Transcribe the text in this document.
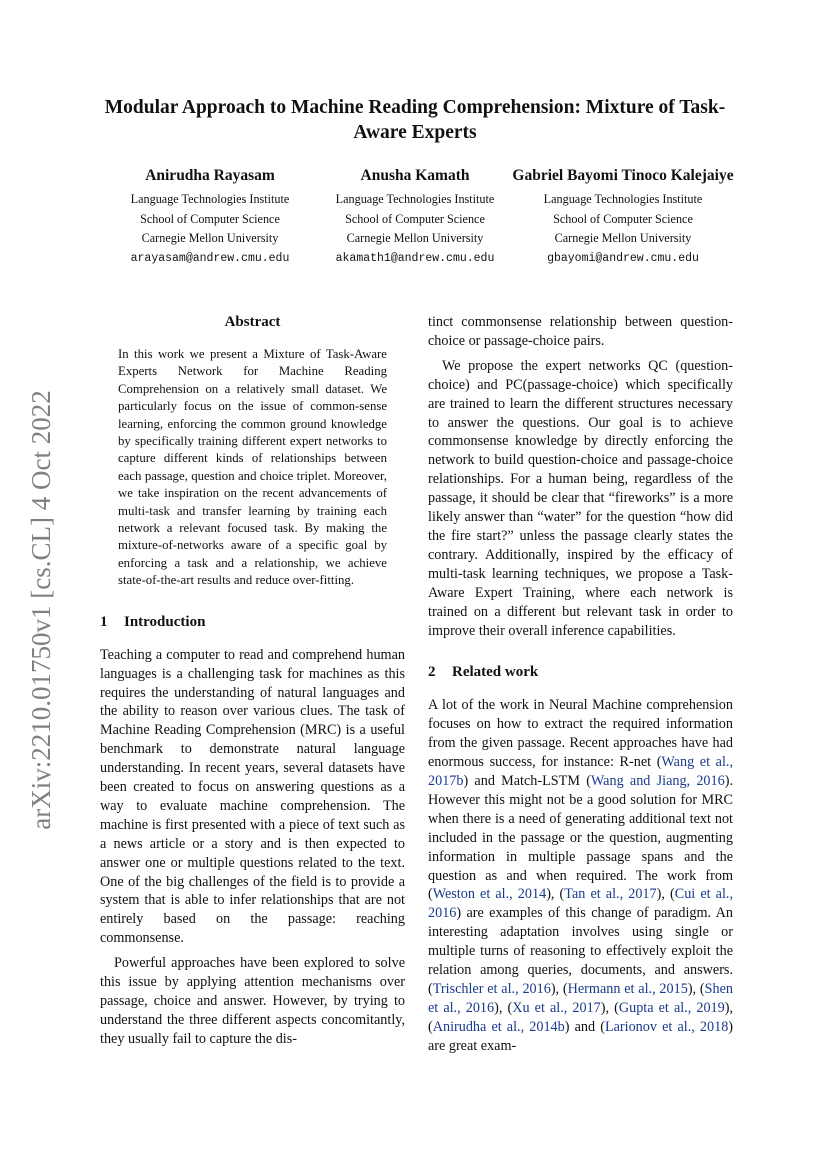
arXiv:2210.01750v1 [cs.CL] 4 Oct 2022
Modular Approach to Machine Reading Comprehension: Mixture of Task-Aware Experts
Anirudha Rayasam
Language Technologies Institute
School of Computer Science
Carnegie Mellon University
arayasam@andrew.cmu.edu
Anusha Kamath
Language Technologies Institute
School of Computer Science
Carnegie Mellon University
akamath1@andrew.cmu.edu
Gabriel Bayomi Tinoco Kalejaiye
Language Technologies Institute
School of Computer Science
Carnegie Mellon University
gbayomi@andrew.cmu.edu
Abstract
In this work we present a Mixture of Task-Aware Experts Network for Machine Reading Comprehension on a relatively small dataset. We particularly focus on the issue of common-sense learning, enforcing the common ground knowledge by specifically training different expert networks to capture different kinds of relationships between each passage, question and choice triplet. Moreover, we take inspiration on the recent advancements of multi-task and transfer learning by training each network a relevant focused task. By making the mixture-of-networks aware of a specific goal by enforcing a task and a relationship, we achieve state-of-the-art results and reduce over-fitting.
1 Introduction

Teaching a computer to read and comprehend human languages is a challenging task for machines as this requires the understanding of natural languages and the ability to reason over various clues. The task of Machine Reading Comprehension (MRC) is a useful benchmark to demonstrate natural language understanding. In recent years, several datasets have been created to focus on answering questions as a way to evaluate machine comprehension. The machine is first presented with a piece of text such as a news article or a story and is then expected to answer one or multiple questions related to the text. One of the big challenges of the field is to provide a system that is able to infer relationships that are not entirely based on the passage: reaching commonsense.

Powerful approaches have been explored to solve this issue by applying attention mechanisms over passage, choice and answer. However, by trying to understand the three different aspects concomitantly, they usually fail to capture the dis-

tinct commonsense relationship between question-choice or passage-choice pairs.

We propose the expert networks QC (question-choice) and PC(passage-choice) which specifically are trained to learn the different structures necessary to answer the questions. Our goal is to achieve commonsense knowledge by directly enforcing the network to build question-choice and passage-choice relationships. For a human being, regardless of the passage, it should be clear that “fireworks” is a more likely answer than “water” for the question “how did the fire start?” unless the passage clearly states the contrary. Additionally, inspired by the efficacy of multi-task learning techniques, we propose a Task-Aware Expert Training, where each network is trained on a different but relevant task in order to improve their overall inference capabilities.

2 Related work

A lot of the work in Neural Machine comprehension focuses on how to extract the required information from the given passage. Recent approaches have had enormous success, for instance: R-net (Wang et al., 2017b) and Match-LSTM (Wang and Jiang, 2016). However this might not be a good solution for MRC when there is a need of generating additional text not included in the passage or the question, augmenting information in multiple passage spans and the question as and when required. The work from (Weston et al., 2014), (Tan et al., 2017), (Cui et al., 2016) are examples of this change of paradigm. An interesting adaptation involves using single or multiple turns of reasoning to effectively exploit the relation among queries, documents, and answers. (Trischler et al., 2016), (Hermann et al., 2015), (Shen et al., 2016), (Xu et al., 2017), (Gupta et al., 2019), (Anirudha et al., 2014b) and (Larionov et al., 2018) are great exam-
